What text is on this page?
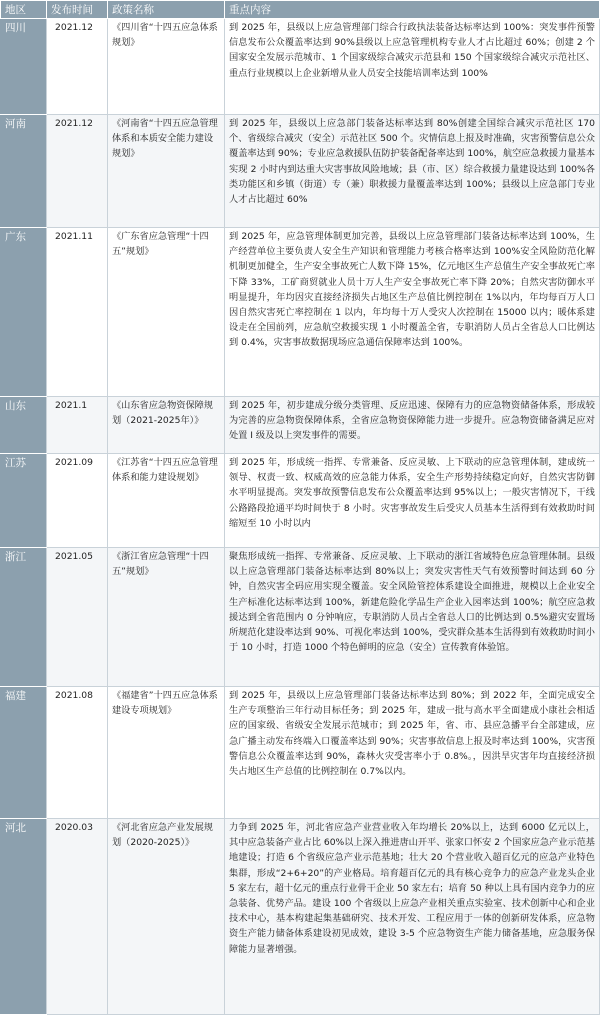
地区	发布时间	政策名称	重点内容
四川	2021.12	《四川省“十四五应急体系规划》	到 2025 年，县级以上应急管理部门综合行政执法装备达标率达到 100%：突发事件预警信息发布公众覆盖率达到 90%县级以上应急管理机构专业人才占比超过 60%；创建 2 个国家安全发展示范城市、1 个国家级综合减灾示范县和 150 个国家级综合减灾示范社区、重点行业规模以上企业新增从业人员安全技能培训率达到 100%
河南	2021.12	《河南省“十四五应急管理体系和本质安全能力建设规划》	到 2025 年，县级以上应急部门装备达标率达到 80%创建全国综合减灾示范社区 170 个、省级综合减灾（安全）示范社区 500 个。灾情信息上报及时准确，灾害预警信息公众覆盖率达到 90%；专业应急救援队伍防护装备配备率达到 100%，航空应急救援力量基本实现 2 小时内到达重大灾害事故风险地域；县（市、区）综合救援力量建设达到 100%各类功能区和乡镇（街道）专（兼）职救援力量覆盖率达到 100%；县级以上应急部门专业人才占比超过 60%
广东	2021.11	《广东省应急管理“十四五”规划》	到 2025 年，应急管理体制更加完善，县级以上应急管理部门装备达标率达到 100%，生产经营单位主要负责人安全生产知识和管理能力考核合格率达到 100%安全风险防范化解机制更加健全，生产安全事故死亡人数下降 15%，亿元地区生产总值生产安全事故死亡率下降 33%，工矿商贸就业人员十万人生产安全事故死亡率下降 20%；自然灾害防御水平明显提升，年均因灾直接经济损失占地区生产总值比例控制在 1%以内，年均每百万人口因自然灾害死亡率控制在 1 以内，年均每十万人受灾人次控制在 15000 以内；暖体系建设走在全国前列，应急航空救援实现 1 小时覆盖全省，专职消防人员占全省总人口比例达到 0.4%，灾害事故数据现场应急通信保障率达到 100%。
山东	2021.1	《山东省应急物资保障规划（2021-2025年）》	到 2025 年，初步建成分级分类管理、反应迅速、保障有力的应急物资储备体系，形成较为完善的应急物资保障体系，全省应急物资保障能力进一步提升。应急物资储备满足应对处置 I 级及以上突发事件的需要。
江苏	2021.09	《江苏省“十四五应急管理体系和能力建设规划》	到 2025 年，形成统一指挥、专常兼备、反应灵敏、上下联动的应急管理体制，建成统一领导、权责一致、权威高效的应急能力体系，安全生产形势持续稳定向好，自然灾害防御水平明显提高。突发事故预警信息发布公众覆盖率达到 95%以上；一般灾害情况下，干线公路路段抢通平均时间快于 8 小时。灾害事故发生后受灾人员基本生活得到有效救助时间缩短至 10 小时以内
浙江	2021.05	《浙江省应急管理“十四五”规划》	聚焦形成统一指挥、专常兼备、反应灵敏、上下联动的浙江省域特色应急管理体制。县级以上应急管理部门装备达标率达到 80%以上；突发灾害性天气有效预警时间达到 60 分钟，自然灾害全码应用实现全覆盖。安全风险管控体系建设全面推进，规模以上企业安全生产标准化达标率达到 100%，新建危险化学品生产企业入园率达到 100%；航空应急救援达到全省范围内 0 分钟响应，专职消防人员占全省总人口的比例达到 0.5%避灾安置场所规范化建设率达到 90%、可视化率达到 100%，受灾群众基本生活得到有效救助时间小于 10 小时，打造 1000 个特色鲜明的应急（安全）宣传教育体验馆。
福建	2021.08	《福建省”十四五应急体系建设专项规划》	到 2025 年，县级以上应急管理部门装备达标率达到 80%；到 2022 年，全面完成安全生产专项整治三年行动目标任务；到 2025 年，建成一批与高水平全面建成小康社会相适应的国家级、省级安全发展示范城市；到 2025 年，省、市、县应急播平台全部建成，应急广播主动发布终端入口覆盖率达到 90%；灾害事故信息上报及时率达到 100%，灾害预警信息公众覆盖率达到 90%，森林火灾受害率小于 0.8%。，因洪旱灾害年均直接经济损失占地区生产总值的比例控制在 0.7%以内。
河北	2020.03	《河北省应急产业发展规划（2020-2025）》	力争到 2025 年，河北省应急产业营业收入年均增长 20%以上，达到 6000 亿元以上，其中应急装备产业占比 60%以上深入推进唐山开平、张家口怀安 2 个国家应急产业示范基地建设；打造 6 个省级应急产业示范基地；壮大 20 个营业收入超百亿元的应急产业特色集群，形成“2+6+20”的产业格局。培育超百亿元的具有核心竞争力的应急产业龙头企业 5 家左右，超十亿元的重点行业骨干企业 50 家左右；培育 50 种以上具有国内竞争力的应急装备、优势产品。建设 100 个省级以上应急产业相关重点实验室、技术创新中心和企业技术中心，基本构建起集基础研究、技术开发、工程应用于一体的创新研发体系，应急物资生产能力储备体系建设初见成效，建设 3-5 个应急物资生产能力储备基地，应急服务保障能力显著增强。
